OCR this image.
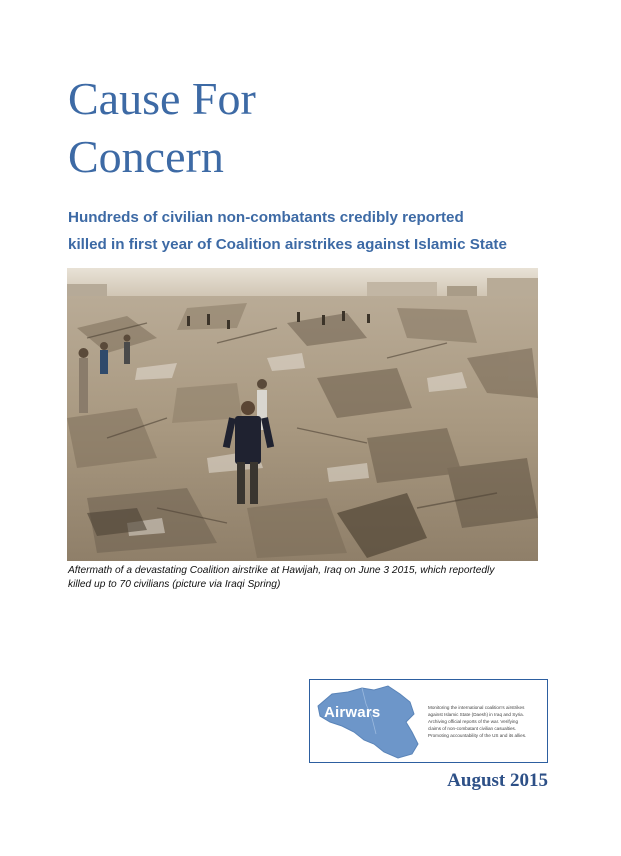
Cause For
Concern
Hundreds of civilian non-combatants credibly reported
killed in first year of Coalition airstrikes against Islamic State

Aftermath of a devastating Coalition airstrike at Hawijah, Iraq on June 3 2015, which reportedly
killed up to 70 civilians (picture via Iraqi Spring)

Airwars	Monitoring the international coalition's airstrikes
against Islamic State (Daesh) in Iraq and Syria.
Archiving official reports of the war. Verifying
claims of non-combatant civilian casualties.
Promoting accountability of the US and its allies.

August 2015
